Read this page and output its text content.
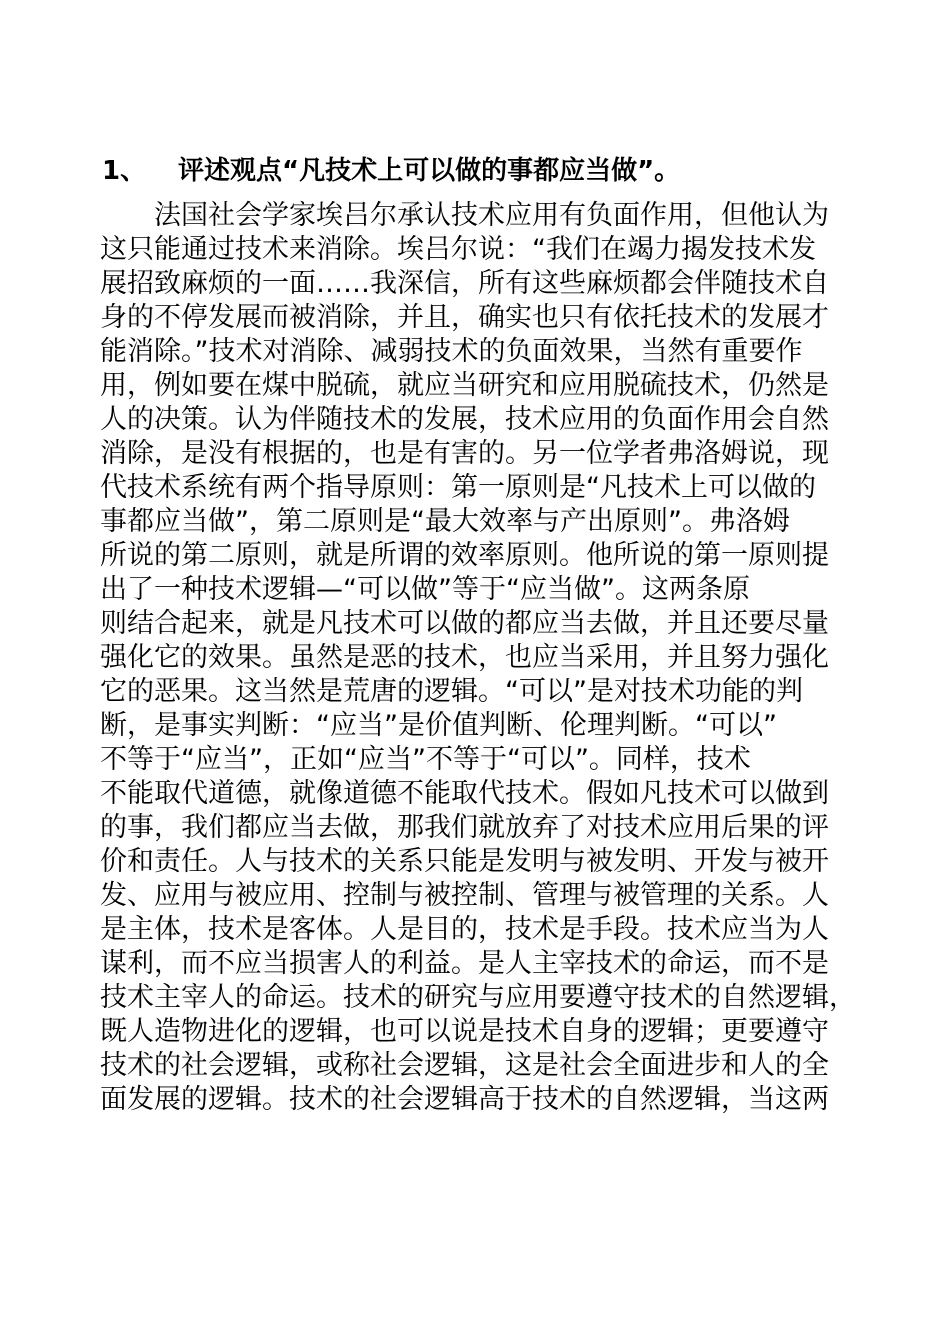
1、	评述观点“凡技术上可以做的事都应当做”。

法国社会学家埃吕尔承认技术应用有负面作用，但他认为
这只能通过技术来消除。埃吕尔说：“我们在竭力揭发技术发
展招致麻烦的一面……我深信，所有这些麻烦都会伴随技术自
身的不停发展而被消除，并且，确实也只有依托技术的发展才
能消除。”技术对消除、减弱技术的负面效果，当然有重要作
用，例如要在煤中脱硫，就应当研究和应用脱硫技术，仍然是
人的决策。认为伴随技术的发展，技术应用的负面作用会自然
消除，是没有根据的，也是有害的。另一位学者弗洛姆说，现
代技术系统有两个指导原则：第一原则是“凡技术上可以做的
事都应当做”，第二原则是“最大效率与产出原则”。弗洛姆
所说的第二原则，就是所谓的效率原则。他所说的第一原则提
出了一种技术逻辑—“可以做”等于“应当做”。这两条原
则结合起来，就是凡技术可以做的都应当去做，并且还要尽量
强化它的效果。虽然是恶的技术，也应当采用，并且努力强化
它的恶果。这当然是荒唐的逻辑。“可以”是对技术功能的判
断，是事实判断：“应当”是价值判断、伦理判断。“可以”
不等于“应当”，正如“应当”不等于“可以”。同样，技术
不能取代道德，就像道德不能取代技术。假如凡技术可以做到
的事，我们都应当去做，那我们就放弃了对技术应用后果的评
价和责任。人与技术的关系只能是发明与被发明、开发与被开
发、应用与被应用、控制与被控制、管理与被管理的关系。人
是主体，技术是客体。人是目的，技术是手段。技术应当为人
谋利，而不应当损害人的利益。是人主宰技术的命运，而不是
技术主宰人的命运。技术的研究与应用要遵守技术的自然逻辑，
既人造物进化的逻辑，也可以说是技术自身的逻辑；更要遵守
技术的社会逻辑，或称社会逻辑，这是社会全面进步和人的全
面发展的逻辑。技术的社会逻辑高于技术的自然逻辑，当这两
